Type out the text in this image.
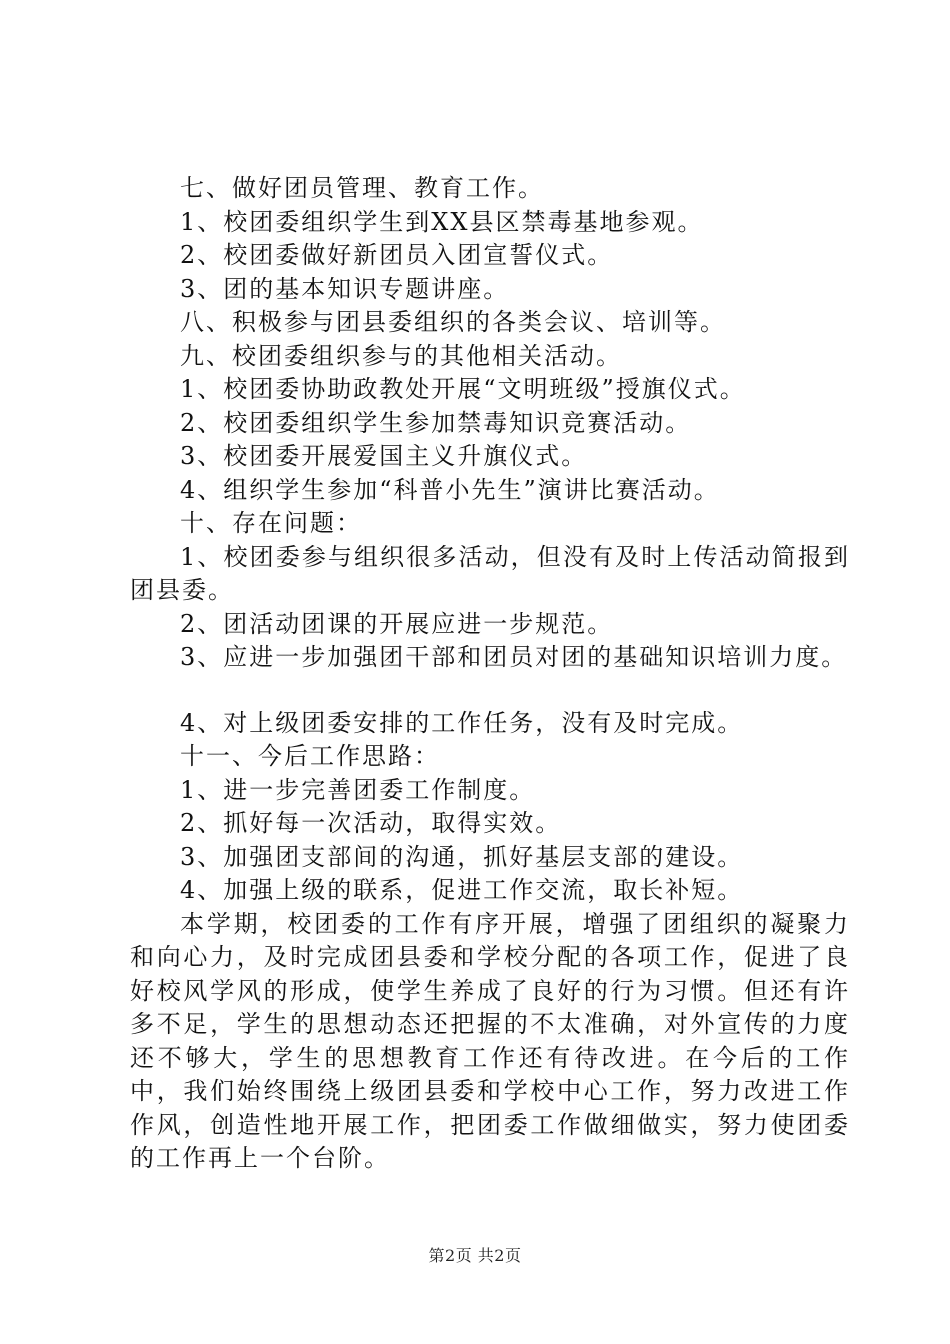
七、做好团员管理、教育工作。
1、校团委组织学生到XX县区禁毒基地参观。
2、校团委做好新团员入团宣誓仪式。
3、团的基本知识专题讲座。
八、积极参与团县委组织的各类会议、培训等。
九、校团委组织参与的其他相关活动。
1、校团委协助政教处开展“文明班级”授旗仪式。
2、校团委组织学生参加禁毒知识竞赛活动。
3、校团委开展爱国主义升旗仪式。
4、组织学生参加“科普小先生”演讲比赛活动。
十、存在问题：
1、校团委参与组织很多活动，但没有及时上传活动简报到团县委。
2、团活动团课的开展应进一步规范。
3、应进一步加强团干部和团员对团的基础知识培训力度。
4、对上级团委安排的工作任务，没有及时完成。
十一、今后工作思路：
1、进一步完善团委工作制度。
2、抓好每一次活动，取得实效。
3、加强团支部间的沟通，抓好基层支部的建设。
4、加强上级的联系，促进工作交流，取长补短。
本学期，校团委的工作有序开展，增强了团组织的凝聚力和向心力，及时完成团县委和学校分配的各项工作，促进了良好校风学风的形成，使学生养成了良好的行为习惯。但还有许多不足，学生的思想动态还把握的不太准确，对外宣传的力度还不够大，学生的思想教育工作还有待改进。在今后的工作中，我们始终围绕上级团县委和学校中心工作，努力改进工作作风，创造性地开展工作，把团委工作做细做实，努力使团委的工作再上一个台阶。
第2页 共2页
